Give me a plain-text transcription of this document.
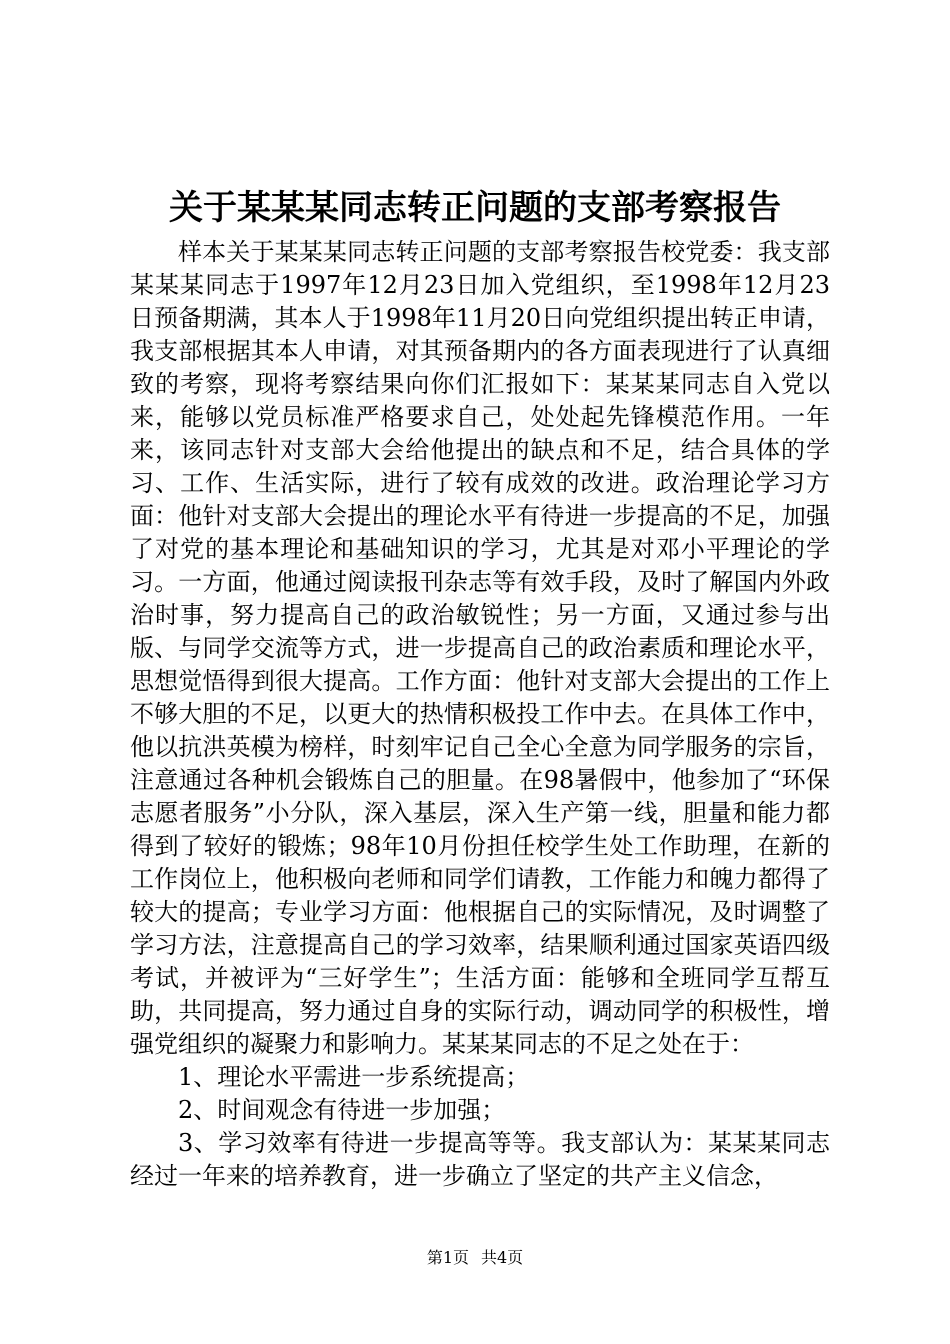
关于某某某同志转正问题的支部考察报告

样本关于某某某同志转正问题的支部考察报告校党委：我支部某某某同志于1997年12月23日加入党组织，至1998年12月23日预备期满，其本人于1998年11月20日向党组织提出转正申请，我支部根据其本人申请，对其预备期内的各方面表现进行了认真细致的考察，现将考察结果向你们汇报如下：某某某同志自入党以来，能够以党员标准严格要求自己，处处起先锋模范作用。一年来，该同志针对支部大会给他提出的缺点和不足，结合具体的学习、工作、生活实际，进行了较有成效的改进。政治理论学习方面：他针对支部大会提出的理论水平有待进一步提高的不足，加强了对党的基本理论和基础知识的学习，尤其是对邓小平理论的学习。一方面，他通过阅读报刊杂志等有效手段，及时了解国内外政治时事，努力提高自己的政治敏锐性；另一方面，又通过参与出版、与同学交流等方式，进一步提高自己的政治素质和理论水平，思想觉悟得到很大提高。工作方面：他针对支部大会提出的工作上不够大胆的不足，以更大的热情积极投工作中去。在具体工作中，他以抗洪英模为榜样，时刻牢记自己全心全意为同学服务的宗旨，注意通过各种机会锻炼自己的胆量。在98暑假中，他参加了“环保志愿者服务”小分队，深入基层，深入生产第一线，胆量和能力都得到了较好的锻炼；98年10月份担任校学生处工作助理，在新的工作岗位上，他积极向老师和同学们请教，工作能力和魄力都得了较大的提高；专业学习方面：他根据自己的实际情况，及时调整了学习方法，注意提高自己的学习效率，结果顺利通过国家英语四级考试，并被评为“三好学生”；生活方面：能够和全班同学互帮互助，共同提高，努力通过自身的实际行动，调动同学的积极性，增强党组织的凝聚力和影响力。某某某同志的不足之处在于：

1、理论水平需进一步系统提高；

2、时间观念有待进一步加强；

3、学习效率有待进一步提高等等。我支部认为：某某某同志经过一年来的培养教育，进一步确立了坚定的共产主义信念，

第1页 共4页
